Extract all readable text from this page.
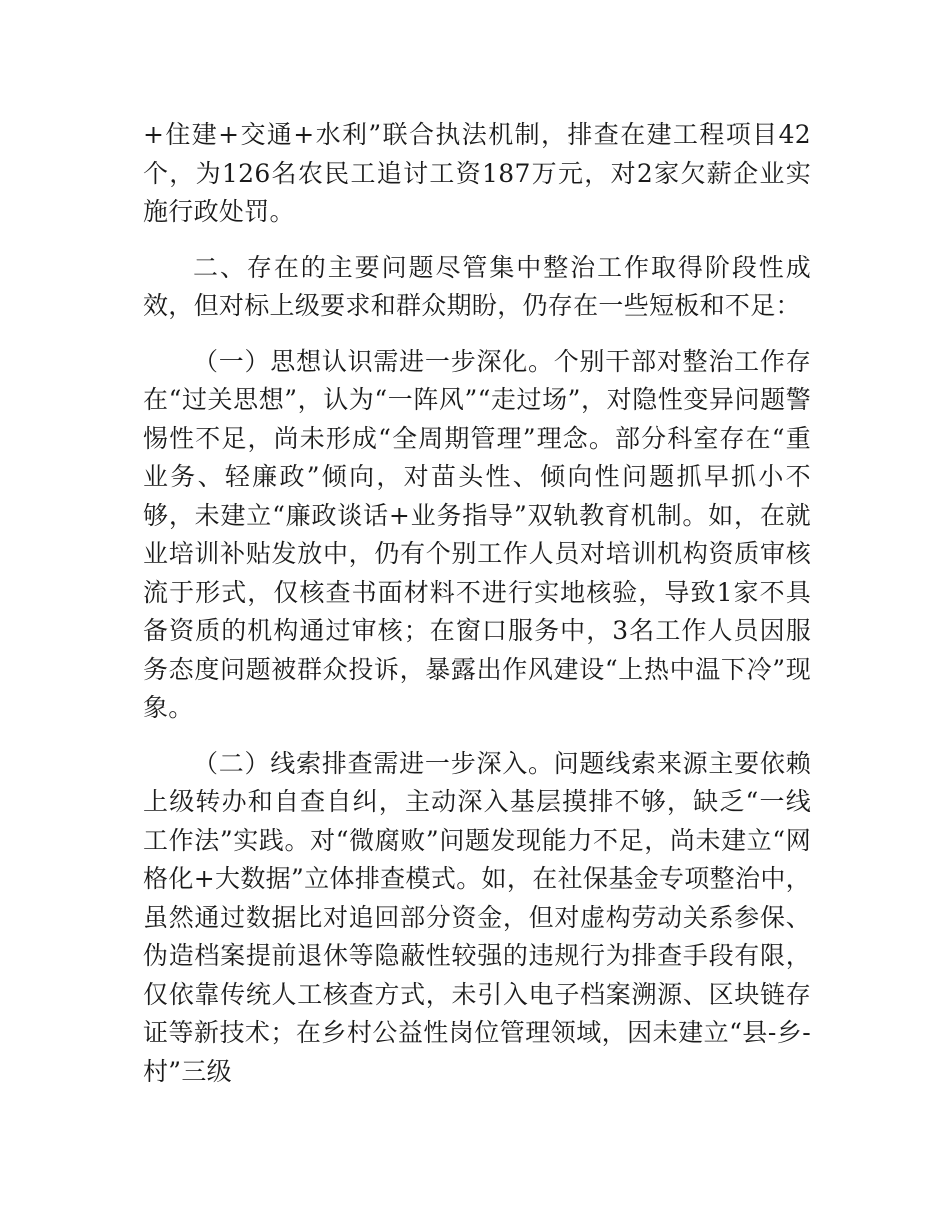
+住建+交通+水利”联合执法机制，排查在建工程项目42个，为126名农民工追讨工资187万元，对2家欠薪企业实施行政处罚。

二、存在的主要问题尽管集中整治工作取得阶段性成效，但对标上级要求和群众期盼，仍存在一些短板和不足：

（一）思想认识需进一步深化。个别干部对整治工作存在“过关思想”，认为“一阵风”“走过场”，对隐性变异问题警惕性不足，尚未形成“全周期管理”理念。部分科室存在“重业务、轻廉政”倾向，对苗头性、倾向性问题抓早抓小不够，未建立“廉政谈话+业务指导”双轨教育机制。如，在就业培训补贴发放中，仍有个别工作人员对培训机构资质审核流于形式，仅核查书面材料不进行实地核验，导致1家不具备资质的机构通过审核；在窗口服务中，3名工作人员因服务态度问题被群众投诉，暴露出作风建设“上热中温下冷”现象。

（二）线索排查需进一步深入。问题线索来源主要依赖上级转办和自查自纠，主动深入基层摸排不够，缺乏“一线工作法”实践。对“微腐败”问题发现能力不足，尚未建立“网格化+大数据”立体排查模式。如，在社保基金专项整治中，虽然通过数据比对追回部分资金，但对虚构劳动关系参保、伪造档案提前退休等隐蔽性较强的违规行为排查手段有限，仅依靠传统人工核查方式，未引入电子档案溯源、区块链存证等新技术；在乡村公益性岗位管理领域，因未建立“县-乡-村”三级
